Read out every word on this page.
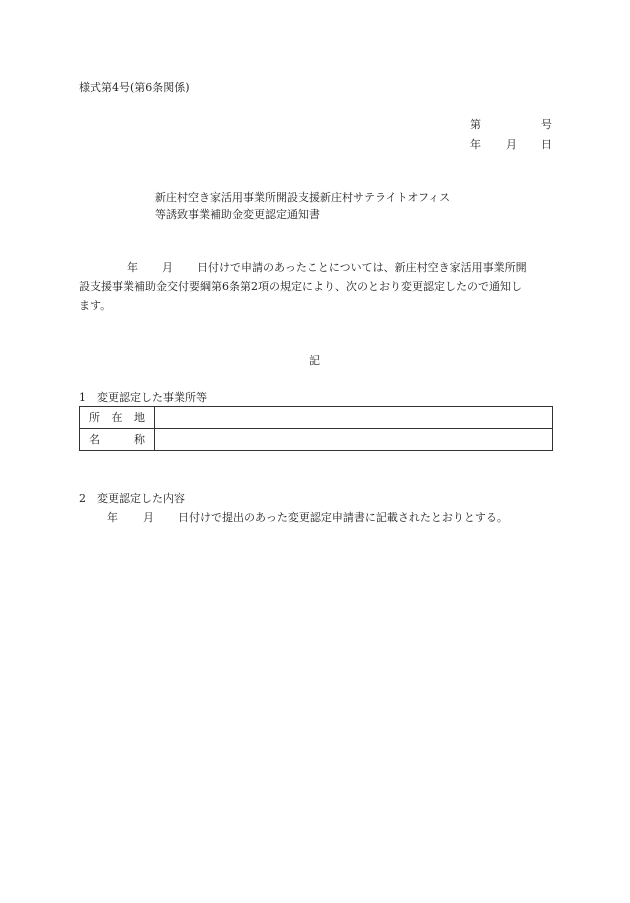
様式第4号(第6条関係)
第	号
年 月 日
新庄村空き家活用事業所開設支援新庄村サテライトオフィス
等誘致事業補助金変更認定通知書
年 月 日付けで申請のあったことについては、新庄村空き家活用事業所開
設支援事業補助金交付要綱第6条第2項の規定により、次のとおり変更認定したので通知し
ます。
記
1　変更認定した事業所等
所在地	
名称	
2　変更認定した内容
年 月 日付けで提出のあった変更認定申請書に記載されたとおりとする。
